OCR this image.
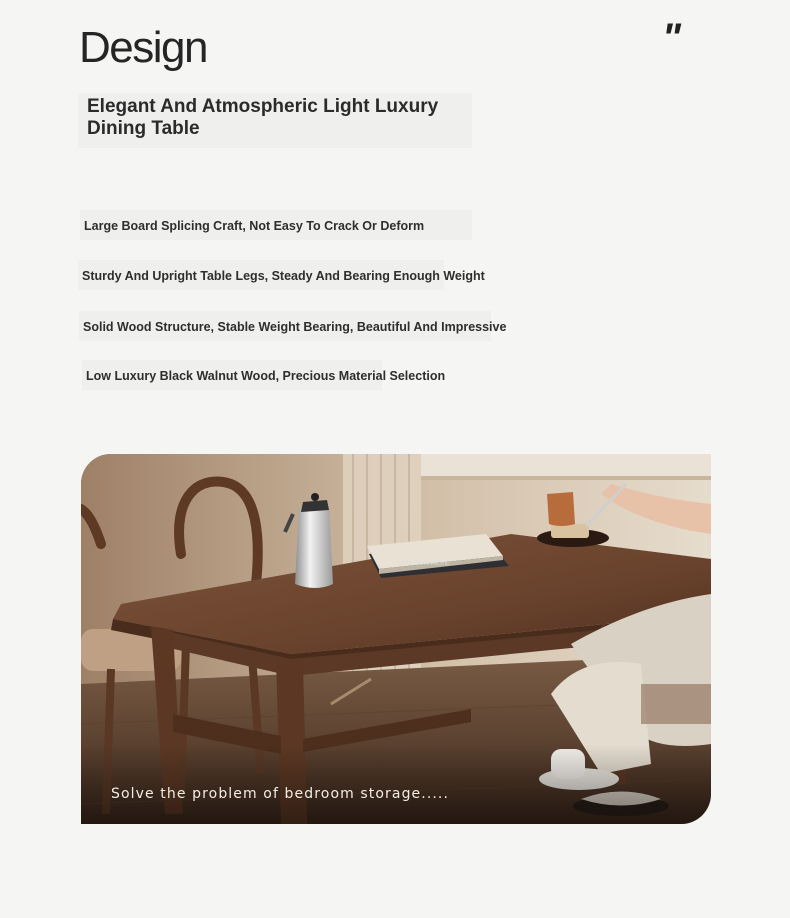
Design	"
Elegant And Atmospheric Light Luxury Dining Table
Large Board Splicing Craft, Not Easy To Crack Or Deform
Sturdy And Upright Table Legs, Steady And Bearing Enough Weight
Solid Wood Structure, Stable Weight Bearing, Beautiful And Impressive
Low Luxury Black Walnut Wood, Precious Material Selection
PEAK OF AN ARCHIE
Solve the problem of bedroom storage.....
